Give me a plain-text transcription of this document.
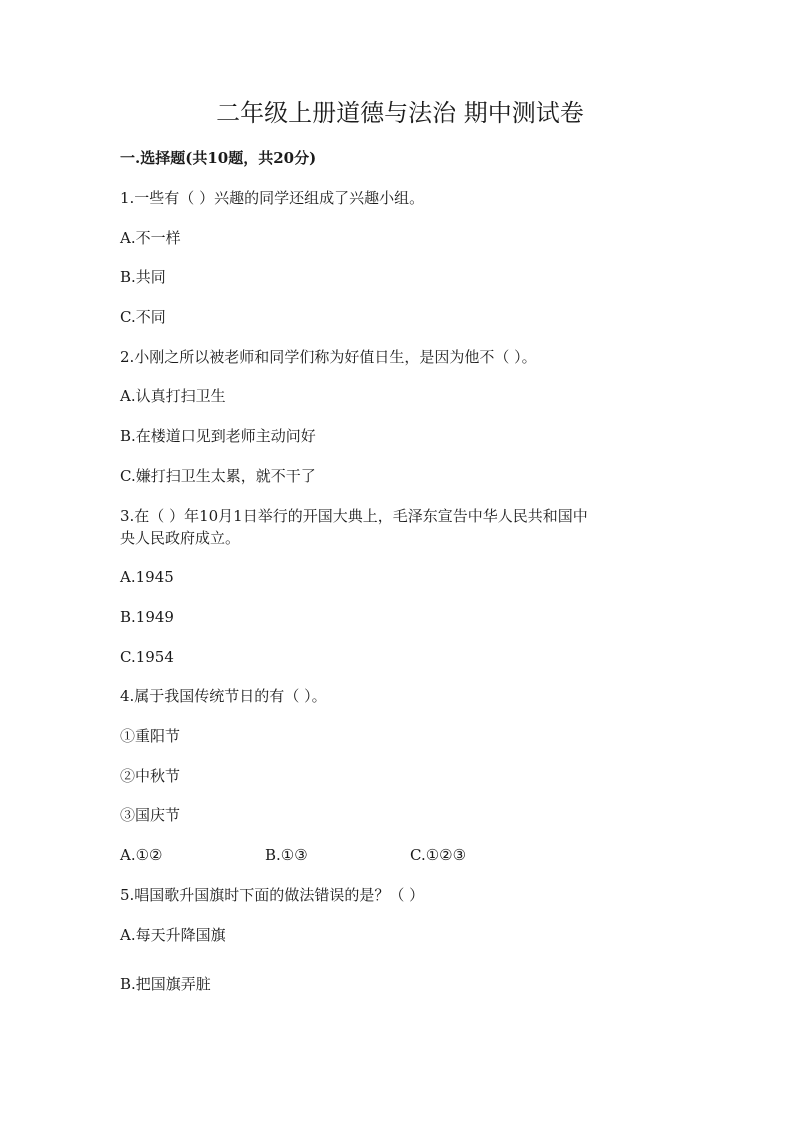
二年级上册道德与法治 期中测试卷
一.选择题(共10题，共20分)
1.一些有（ ）兴趣的同学还组成了兴趣小组。
A.不一样
B.共同
C.不同
2.小刚之所以被老师和同学们称为好值日生，是因为他不（ ）。
A.认真打扫卫生
B.在楼道口见到老师主动问好
C.嫌打扫卫生太累，就不干了
3.在（ ）年10月1日举行的开国大典上，毛泽东宣告中华人民共和国中
央人民政府成立。
A.1945
B.1949
C.1954
4.属于我国传统节日的有（ ）。
①重阳节
②中秋节
③国庆节
A.①②	B.①③	C.①②③
5.唱国歌升国旗时下面的做法错误的是？（ ）
A.每天升降国旗
B.把国旗弄脏
